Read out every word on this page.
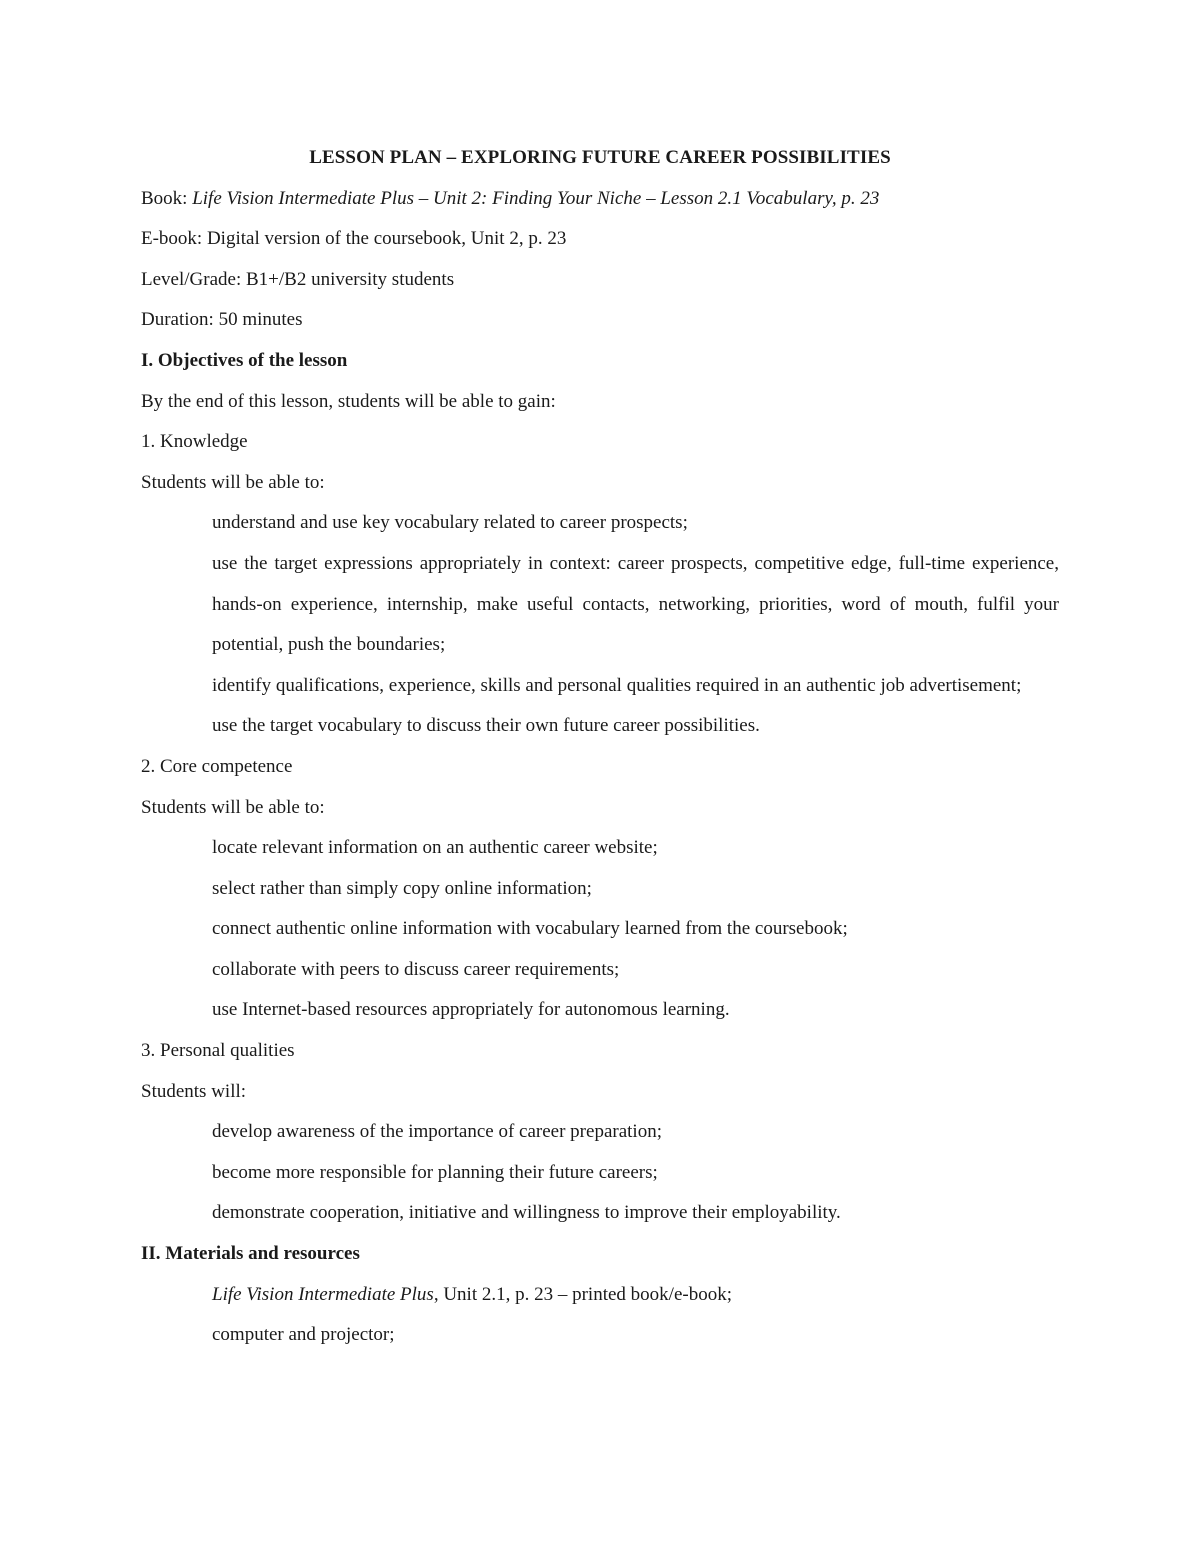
LESSON PLAN – EXPLORING FUTURE CAREER POSSIBILITIES
Book: Life Vision Intermediate Plus – Unit 2: Finding Your Niche – Lesson 2.1 Vocabulary, p. 23
E-book: Digital version of the coursebook, Unit 2, p. 23
Level/Grade: B1+/B2 university students
Duration: 50 minutes
I. Objectives of the lesson
By the end of this lesson, students will be able to gain:
1. Knowledge
Students will be able to:
understand and use key vocabulary related to career prospects;
use the target expressions appropriately in context: career prospects, competitive edge, full-time experience, hands-on experience, internship, make useful contacts, networking, priorities, word of mouth, fulfil your potential, push the boundaries;
identify qualifications, experience, skills and personal qualities required in an authentic job advertisement;
use the target vocabulary to discuss their own future career possibilities.
2. Core competence
Students will be able to:
locate relevant information on an authentic career website;
select rather than simply copy online information;
connect authentic online information with vocabulary learned from the coursebook;
collaborate with peers to discuss career requirements;
use Internet-based resources appropriately for autonomous learning.
3. Personal qualities
Students will:
develop awareness of the importance of career preparation;
become more responsible for planning their future careers;
demonstrate cooperation, initiative and willingness to improve their employability.
II. Materials and resources
Life Vision Intermediate Plus, Unit 2.1, p. 23 – printed book/e-book;
computer and projector;
